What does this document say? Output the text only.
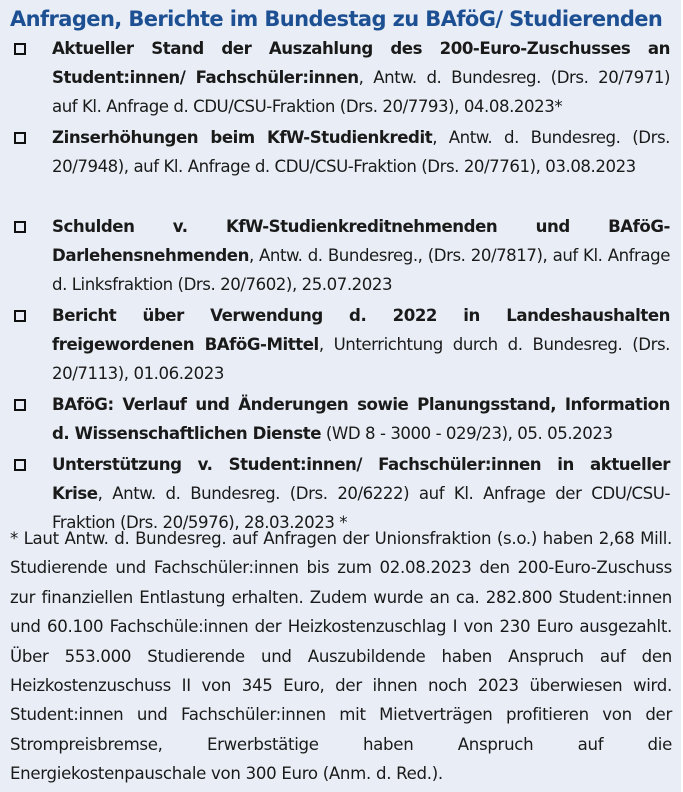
Anfragen, Berichte im Bundestag zu BAföG/ Studierenden
Aktueller Stand der Auszahlung des 200-Euro-Zuschusses an Student:innen/ Fachschüler:innen, Antw. d. Bundesreg. (Drs. 20/7971) auf Kl. Anfrage d. CDU/CSU-Fraktion (Drs. 20/7793), 04.08.2023*
Zinserhöhungen beim KfW-Studienkredit, Antw. d. Bundesreg. (Drs. 20/7948), auf Kl. Anfrage d. CDU/CSU-Fraktion (Drs. 20/7761), 03.08.2023
Schulden v. KfW-Studienkreditnehmenden und BAföG-Darlehensnehmenden, Antw. d. Bundesreg., (Drs. 20/7817), auf Kl. Anfrage d. Linksfraktion (Drs. 20/7602), 25.07.2023
Bericht über Verwendung d. 2022 in Landeshaushalten freigewordenen BAföG-Mittel, Unterrichtung durch d. Bundesreg. (Drs. 20/7113), 01.06.2023
BAföG: Verlauf und Änderungen sowie Planungsstand, Information d. Wissenschaftlichen Dienste (WD 8 - 3000 - 029/23), 05. 05.2023
Unterstützung v. Student:innen/ Fachschüler:innen in aktueller Krise, Antw. d. Bundesreg. (Drs. 20/6222) auf Kl. Anfrage der CDU/CSU-Fraktion (Drs. 20/5976), 28.03.2023 *
* Laut Antw. d. Bundesreg. auf Anfragen der Unionsfraktion (s.o.) haben 2,68 Mill. Studierende und Fachschüler:innen bis zum 02.08.2023 den 200-Euro-Zuschuss zur finanziellen Entlastung erhalten. Zudem wurde an ca. 282.800 Student:innen und 60.100 Fachschüle:innen der Heizkostenzuschlag I von 230 Euro ausgezahlt. Über 553.000 Studierende und Auszubildende haben Anspruch auf den Heizkostenzuschuss II von 345 Euro, der ihnen noch 2023 überwiesen wird. Student:innen und Fachschüler:innen mit Mietverträgen profitieren von der Strompreisbremse, Erwerbstätige haben Anspruch auf die Energiekostenpauschale von 300 Euro (Anm. d. Red.).
